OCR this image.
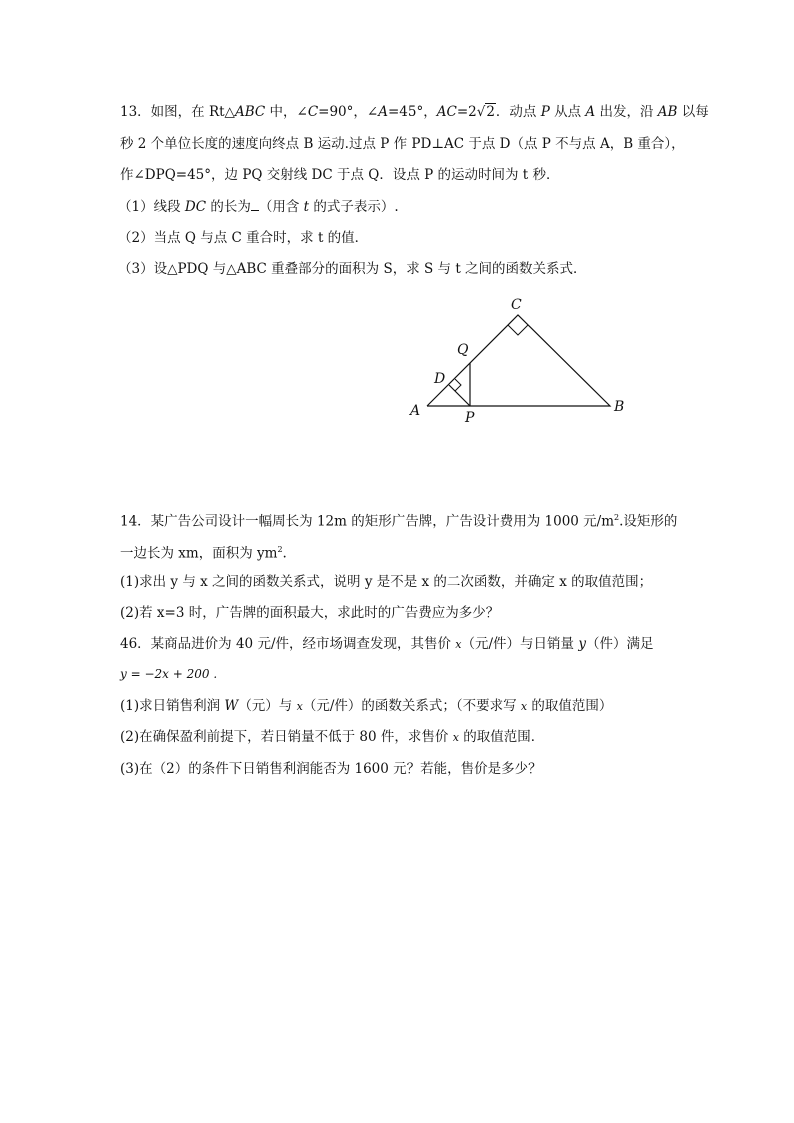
13．如图，在 Rt△ABC 中，∠C=90°，∠A=45°，AC=2√2．动点 P 从点 A 出发，沿 AB 以每
秒 2 个单位长度的速度向终点 B 运动.过点 P 作 PD⊥AC 于点 D（点 P 不与点 A，B 重合），
作∠DPQ=45°，边 PQ 交射线 DC 于点 Q．设点 P 的运动时间为 t 秒．
（1）线段 DC 的长为 （用含 t 的式子表示）.
（2）当点 Q 与点 C 重合时，求 t 的值．
（3）设△PDQ 与△ABC 重叠部分的面积为 S，求 S 与 t 之间的函数关系式．
C
Q
D
A	P
B
14．某广告公司设计一幅周长为 12m 的矩形广告牌，广告设计费用为 1000 元$/m^2$.设矩形的
一边长为 xm，面积为 $ym^2$.
(1)求出 y 与 x 之间的函数关系式，说明 y 是不是 x 的二次函数，并确定 x 的取值范围；
(2)若 x=3 时，广告牌的面积最大，求此时的广告费应为多少？
46．某商品进价为 40 元/件，经市场调查发现，其售价 x（元/件）与日销量 y（件）满足
y = −2x + 200 .
(1)求日销售利润 W（元）与 x（元/件）的函数关系式；（不要求写 x 的取值范围）
(2)在确保盈利前提下，若日销量不低于 80 件，求售价 x 的取值范围．
(3)在（2）的条件下日销售利润能否为 1600 元？若能，售价是多少？
